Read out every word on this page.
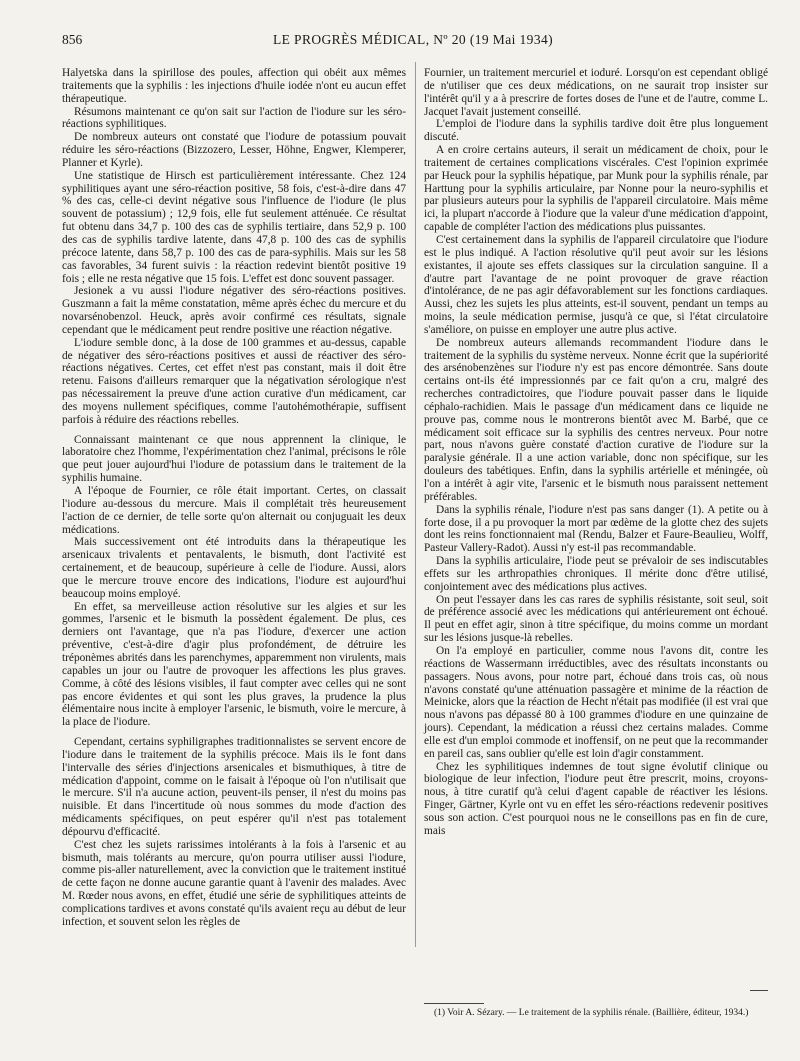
856	LE PROGRÈS MÉDICAL, Nº 20 (19 Mai 1934)

Halyetska dans la spirillose des poules, affection qui obéit aux mêmes traitements que la syphilis : les injections d'huile iodée n'ont eu aucun effet thérapeutique.

Résumons maintenant ce qu'on sait sur l'action de l'iodure sur les séro-réactions syphilitiques.

De nombreux auteurs ont constaté que l'iodure de potassium pouvait réduire les séro-réactions (Bizzozero, Lesser, Höhne, Engwer, Klemperer, Planner et Kyrle).

Une statistique de Hirsch est particulièrement intéressante. Chez 124 syphilitiques ayant une séro-réaction positive, 58 fois, c'est-à-dire dans 47 % des cas, celle-ci devint négative sous l'influence de l'iodure (le plus souvent de potassium) ; 12,9 fois, elle fut seulement atténuée. Ce résultat fut obtenu dans 34,7 p. 100 des cas de syphilis tertiaire, dans 52,9 p. 100 des cas de syphilis tardive latente, dans 47,8 p. 100 des cas de syphilis précoce latente, dans 58,7 p. 100 des cas de para-syphilis. Mais sur les 58 cas favorables, 34 furent suivis : la réaction redevint bientôt positive 19 fois ; elle ne resta négative que 15 fois. L'effet est donc souvent passager.

Jesionek a vu aussi l'iodure négativer des séro-réactions positives. Guszmann a fait la même constatation, même après échec du mercure et du novarsénobenzol. Heuck, après avoir confirmé ces résultats, signale cependant que le médicament peut rendre positive une réaction négative.

L'iodure semble donc, à la dose de 100 grammes et au-dessus, capable de négativer des séro-réactions positives et aussi de réactiver des séro-réactions négatives. Certes, cet effet n'est pas constant, mais il doit être retenu. Faisons d'ailleurs remarquer que la négativation sérologique n'est pas nécessairement la preuve d'une action curative d'un médicament, car des moyens nullement spécifiques, comme l'autohémothérapie, suffisent parfois à réduire des réactions rebelles.

Connaissant maintenant ce que nous apprennent la clinique, le laboratoire chez l'homme, l'expérimentation chez l'animal, précisons le rôle que peut jouer aujourd'hui l'iodure de potassium dans le traitement de la syphilis humaine.

A l'époque de Fournier, ce rôle était important. Certes, on classait l'iodure au-dessous du mercure. Mais il complétait très heureusement l'action de ce dernier, de telle sorte qu'on alternait ou conjuguait les deux médications.

Mais successivement ont été introduits dans la thérapeutique les arsenicaux trivalents et pentavalents, le bismuth, dont l'activité est certainement, et de beaucoup, supérieure à celle de l'iodure. Aussi, alors que le mercure trouve encore des indications, l'iodure est aujourd'hui beaucoup moins employé.

En effet, sa merveilleuse action résolutive sur les algies et sur les gommes, l'arsenic et le bismuth la possèdent également. De plus, ces derniers ont l'avantage, que n'a pas l'iodure, d'exercer une action préventive, c'est-à-dire d'agir plus profondément, de détruire les tréponèmes abrités dans les parenchymes, apparemment non virulents, mais capables un jour ou l'autre de provoquer les affections les plus graves. Comme, à côté des lésions visibles, il faut compter avec celles qui ne sont pas encore évidentes et qui sont les plus graves, la prudence la plus élémentaire nous incite à employer l'arsenic, le bismuth, voire le mercure, à la place de l'iodure.

Cependant, certains syphiligraphes traditionnalistes se servent encore de l'iodure dans le traitement de la syphilis précoce. Mais ils le font dans l'intervalle des séries d'injections arsenicales et bismuthiques, à titre de médication d'appoint, comme on le faisait à l'époque où l'on n'utilisait que le mercure. S'il n'a aucune action, peuvent-ils penser, il n'est du moins pas nuisible. Et dans l'incertitude où nous sommes du mode d'action des médicaments spécifiques, on peut espérer qu'il n'est pas totalement dépourvu d'efficacité.

C'est chez les sujets rarissimes intolérants à la fois à l'arsenic et au bismuth, mais tolérants au mercure, qu'on pourra utiliser aussi l'iodure, comme pis-aller naturellement, avec la conviction que le traitement institué de cette façon ne donne aucune garantie quant à l'avenir des malades. Avec M. Rœder nous avons, en effet, étudié une série de syphilitiques atteints de complications tardives et avons constaté qu'ils avaient reçu au début de leur infection, et souvent selon les règles de

Fournier, un traitement mercuriel et ioduré. Lorsqu'on est cependant obligé de n'utiliser que ces deux médications, on ne saurait trop insister sur l'intérêt qu'il y a à prescrire de fortes doses de l'une et de l'autre, comme L. Jacquet l'avait justement conseillé.

L'emploi de l'iodure dans la syphilis tardive doit être plus longuement discuté.

A en croire certains auteurs, il serait un médicament de choix, pour le traitement de certaines complications viscérales. C'est l'opinion exprimée par Heuck pour la syphilis hépatique, par Munk pour la syphilis rénale, par Harttung pour la syphilis articulaire, par Nonne pour la neuro-syphilis et par plusieurs auteurs pour la syphilis de l'appareil circulatoire. Mais même ici, la plupart n'accorde à l'iodure que la valeur d'une médication d'appoint, capable de compléter l'action des médications plus puissantes.

C'est certainement dans la syphilis de l'appareil circulatoire que l'iodure est le plus indiqué. A l'action résolutive qu'il peut avoir sur les lésions existantes, il ajoute ses effets classiques sur la circulation sanguine. Il a d'autre part l'avantage de ne point provoquer de grave réaction d'intolérance, de ne pas agir défavorablement sur les fonctions cardiaques. Aussi, chez les sujets les plus atteints, est-il souvent, pendant un temps au moins, la seule médication permise, jusqu'à ce que, si l'état circulatoire s'améliore, on puisse en employer une autre plus active.

De nombreux auteurs allemands recommandent l'iodure dans le traitement de la syphilis du système nerveux. Nonne écrit que la supériorité des arsénobenzènes sur l'iodure n'y est pas encore démontrée. Sans doute certains ont-ils été impressionnés par ce fait qu'on a cru, malgré des recherches contradictoires, que l'iodure pouvait passer dans le liquide céphalo-rachidien. Mais le passage d'un médicament dans ce liquide ne prouve pas, comme nous le montrerons bientôt avec M. Barbé, que ce médicament soit efficace sur la syphilis des centres nerveux. Pour notre part, nous n'avons guère constaté d'action curative de l'iodure sur la paralysie générale. Il a une action variable, donc non spécifique, sur les douleurs des tabétiques. Enfin, dans la syphilis artérielle et méningée, où l'on a intérêt à agir vite, l'arsenic et le bismuth nous paraissent nettement préférables.

Dans la syphilis rénale, l'iodure n'est pas sans danger (1). A petite ou à forte dose, il a pu provoquer la mort par œdème de la glotte chez des sujets dont les reins fonctionnaient mal (Rendu, Balzer et Faure-Beaulieu, Wolff, Pasteur Vallery-Radot). Aussi n'y est-il pas recommandable.

Dans la syphilis articulaire, l'iode peut se prévaloir de ses indiscutables effets sur les arthropathies chroniques. Il mérite donc d'être utilisé, conjointement avec des médications plus actives.

On peut l'essayer dans les cas rares de syphilis résistante, soit seul, soit de préférence associé avec les médications qui antérieurement ont échoué. Il peut en effet agir, sinon à titre spécifique, du moins comme un mordant sur les lésions jusque-là rebelles.

On l'a employé en particulier, comme nous l'avons dit, contre les réactions de Wassermann irréductibles, avec des résultats inconstants ou passagers. Nous avons, pour notre part, échoué dans trois cas, où nous n'avons constaté qu'une atténuation passagère et minime de la réaction de Meinicke, alors que la réaction de Hecht n'était pas modifiée (il est vrai que nous n'avons pas dépassé 80 à 100 grammes d'iodure en une quinzaine de jours). Cependant, la médication a réussi chez certains malades. Comme elle est d'un emploi commode et inoffensif, on ne peut que la recommander en pareil cas, sans oublier qu'elle est loin d'agir constamment.

Chez les syphilitiques indemnes de tout signe évolutif clinique ou biologique de leur infection, l'iodure peut être prescrit, moins, croyons-nous, à titre curatif qu'à celui d'agent capable de réactiver les lésions. Finger, Gärtner, Kyrle ont vu en effet les séro-réactions redevenir positives sous son action. C'est pourquoi nous ne le conseillons pas en fin de cure, mais

(1) Voir A. Sézary. — Le traitement de la syphilis rénale. (Baillière, éditeur, 1934.)
